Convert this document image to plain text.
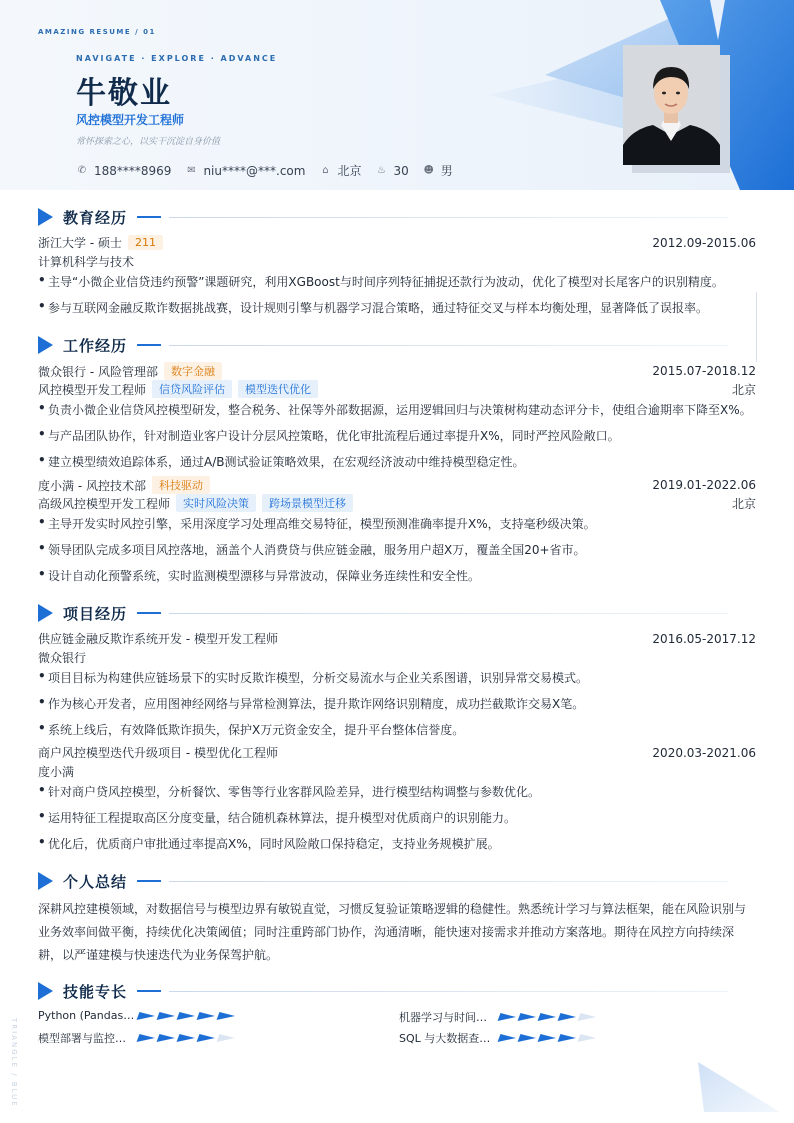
AMAZING RESUME / 01
NAVIGATE · EXPLORE · ADVANCE
牛敬业
风控模型开发工程师
常怀探索之心，以实干沉淀自身价值
✆ 188****8969 ✉ niu****@***.com ⌂ 北京 ♨ 30 ☻ 男
教育经历
浙江大学 - 硕士	211	2012.09-2015.06
计算机科学与技术
• 主导“小微企业信贷违约预警”课题研究，利用XGBoost与时间序列特征捕捉还款行为波动，优化了模型对长尾客户的识别精度。
• 参与互联网金融反欺诈数据挑战赛，设计规则引擎与机器学习混合策略，通过特征交叉与样本均衡处理，显著降低了误报率。
工作经历
微众银行 - 风险管理部	数字金融	2015.07-2018.12
风控模型开发工程师	信贷风险评估	模型迭代优化	北京
• 负责小微企业信贷风控模型研发，整合税务、社保等外部数据源，运用逻辑回归与决策树构建动态评分卡，使组合逾期率下降至X%。
• 与产品团队协作，针对制造业客户设计分层风控策略，优化审批流程后通过率提升X%，同时严控风险敞口。
• 建立模型绩效追踪体系，通过A/B测试验证策略效果，在宏观经济波动中维持模型稳定性。
度小满 - 风控技术部	科技驱动	2019.01-2022.06
高级风控模型开发工程师	实时风险决策	跨场景模型迁移	北京
• 主导开发实时风控引擎，采用深度学习处理高维交易特征，模型预测准确率提升X%，支持毫秒级决策。
• 领导团队完成多项目风控落地，涵盖个人消费贷与供应链金融，服务用户超X万，覆盖全国20+省市。
• 设计自动化预警系统，实时监测模型漂移与异常波动，保障业务连续性和安全性。
项目经历
供应链金融反欺诈系统开发 - 模型开发工程师	2016.05-2017.12
微众银行
• 项目目标为构建供应链场景下的实时反欺诈模型，分析交易流水与企业关系图谱，识别异常交易模式。
• 作为核心开发者，应用图神经网络与异常检测算法，提升欺诈网络识别精度，成功拦截欺诈交易X笔。
• 系统上线后，有效降低欺诈损失，保护X万元资金安全，提升平台整体信誉度。
商户风控模型迭代升级项目 - 模型优化工程师	2020.03-2021.06
度小满
• 针对商户贷风控模型，分析餐饮、零售等行业客群风险差异，进行模型结构调整与参数优化。
• 运用特征工程提取高区分度变量，结合随机森林算法，提升模型对优质商户的识别能力。
• 优化后，优质商户审批通过率提高X%，同时风险敞口保持稳定，支持业务规模扩展。
个人总结
深耕风控建模领域，对数据信号与模型边界有敏锐直觉，习惯反复验证策略逻辑的稳健性。熟悉统计学习与算法框架，能在风险识别与业务效率间做平衡，持续优化决策阈值；同时注重跨部门协作，沟通清晰，能快速对接需求并推动方案落地。期待在风控方向持续深耕，以严谨建模与快速迭代为业务保驾护航。
技能专长
Python (Pandas…	机器学习与时间…
模型部署与监控…	SQL 与大数据查…
TRIANGLE / BLUE
